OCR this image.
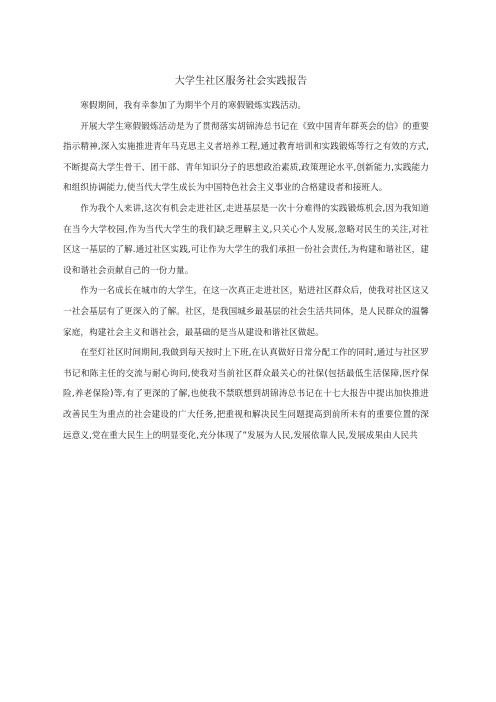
大学生社区服务社会实践报告

寒假期间，我有幸参加了为期半个月的寒假锻炼实践活动。

开展大学生寒假锻炼活动是为了贯彻落实胡锦涛总书记在《致中国青年群英会的信》的重要指示精神,深入实施推进青年马克思主义者培养工程,通过教育培训和实践锻炼等行之有效的方式,不断提高大学生骨干、团干部、青年知识分子的思想政治素质,政策理论水平,创新能力,实践能力和组织协调能力,使当代大学生成长为中国特色社会主义事业的合格建设者和接班人。

作为我个人来讲,这次有机会走进社区,走进基层是一次十分难得的实践锻炼机会,因为我知道在当今大学校园,作为当代大学生的我们缺乏理解主义,只关心个人发展,忽略对民生的关注,对社区这一基层的了解.通过社区实践,可让作为大学生的我们承担一份社会责任,为构建和谐社区，建设和谐社会贡献自己的一份力量。

作为一名成长在城市的大学生，在这一次真正走进社区，贴进社区群众后，使我对社区这又一社会基层有了更深入的了解。社区，是我国城乡最基层的社会生活共同体，是人民群众的温馨家庭，构建社会主义和谐社会，最基础的是当从建设和谐社区做起。

在至灯社区时间期间,我做到每天按时上下班,在认真做好日常分配工作的同时,通过与社区罗书记和陈主任的交流与耐心询问,使我对当前社区群众最关心的社保(包括最低生活保障,医疗保险,养老保险)等,有了更深的了解,也使我不禁联想到胡锦涛总书记在十七大报告中提出加快推进改善民生为重点的社会建设的广大任务,把重视和解决民生问题提高到前所未有的重要位置的深远意义,党在重大民生上的明显变化,充分体现了”发展为人民,发展依靠人民,发展成果由人民共
